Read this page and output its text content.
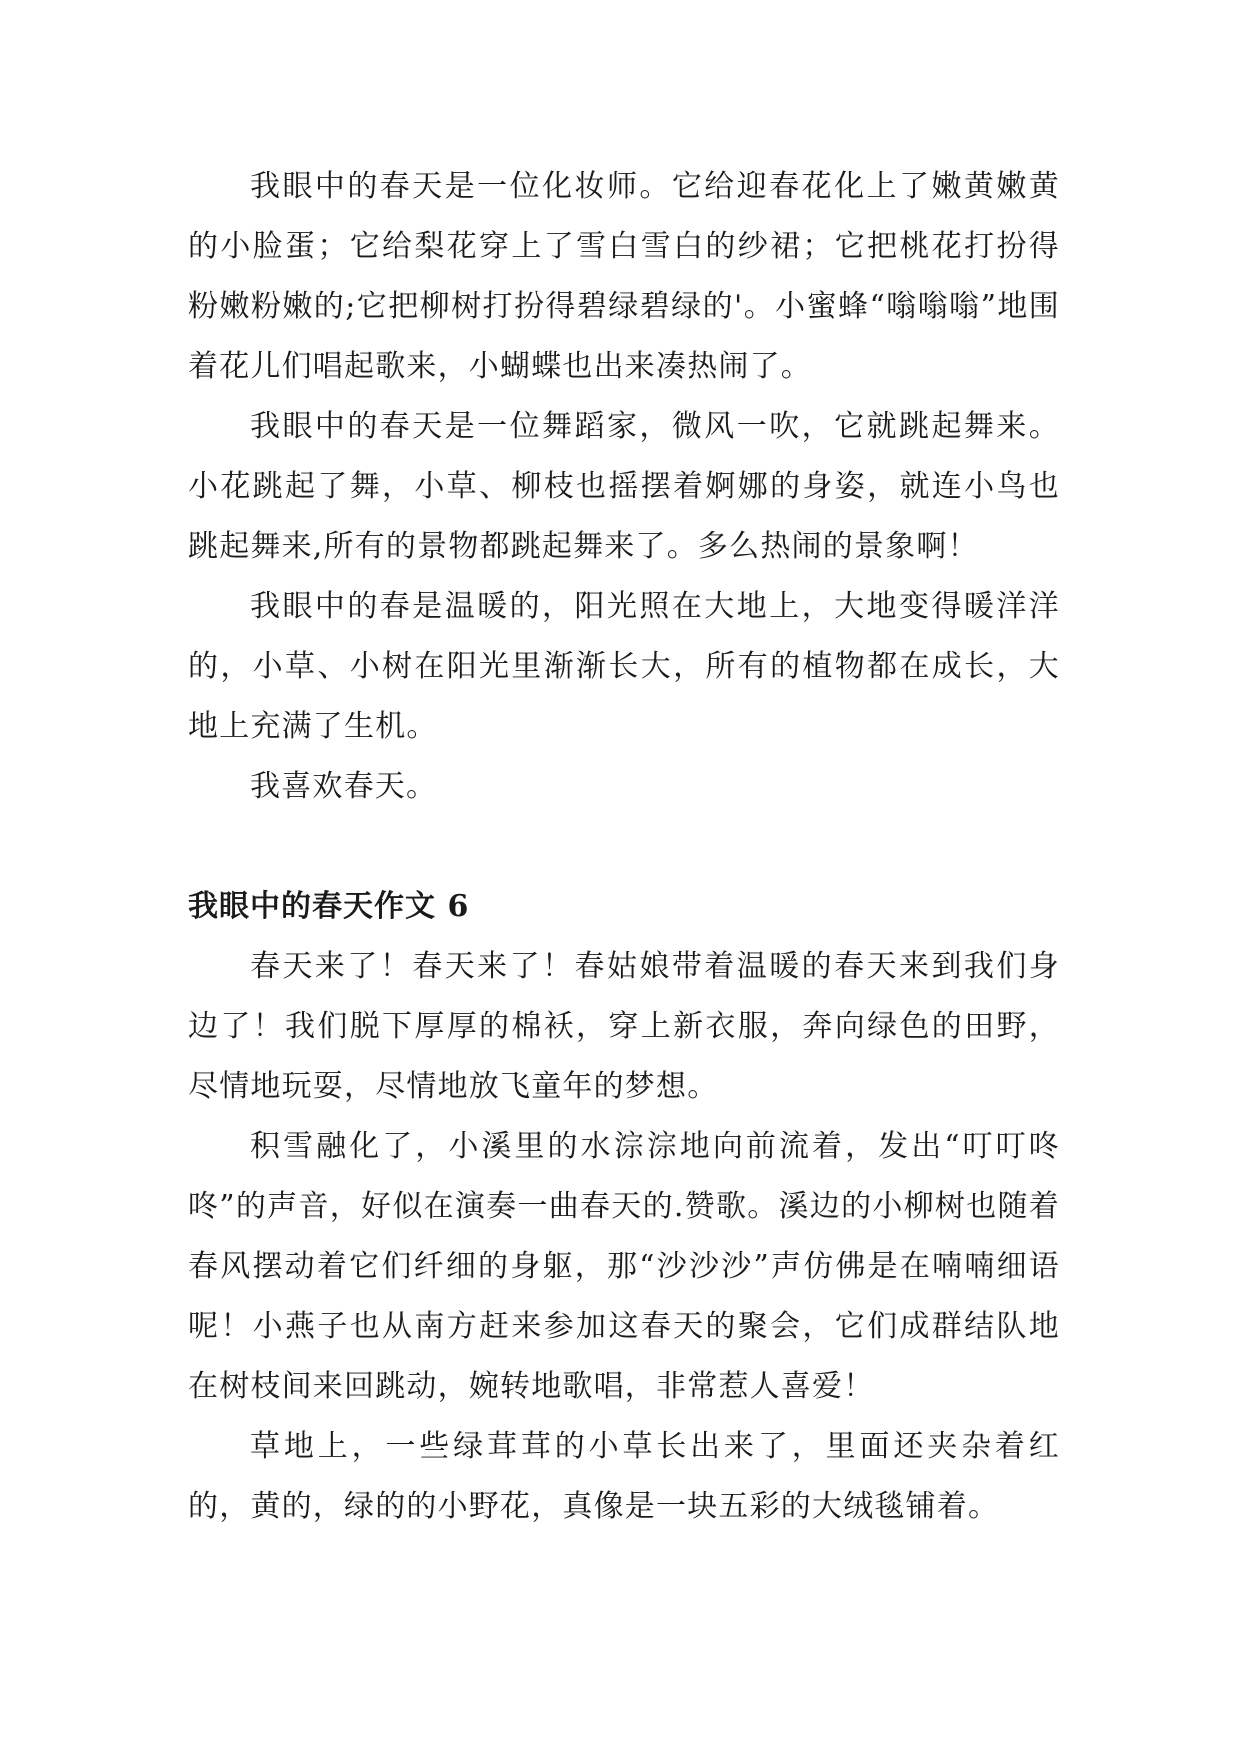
我眼中的春天是一位化妆师。它给迎春花化上了嫩黄嫩黄的小脸蛋；它给梨花穿上了雪白雪白的纱裙；它把桃花打扮得粉嫩粉嫩的;它把柳树打扮得碧绿碧绿的'。小蜜蜂“嗡嗡嗡”地围着花儿们唱起歌来，小蝴蝶也出来凑热闹了。

我眼中的春天是一位舞蹈家，微风一吹，它就跳起舞来。小花跳起了舞，小草、柳枝也摇摆着婀娜的身姿，就连小鸟也跳起舞来,所有的景物都跳起舞来了。多么热闹的景象啊！

我眼中的春是温暖的，阳光照在大地上，大地变得暖洋洋的，小草、小树在阳光里渐渐长大，所有的植物都在成长，大地上充满了生机。

我喜欢春天。

我眼中的春天作文 6

春天来了！春天来了！春姑娘带着温暖的春天来到我们身边了！我们脱下厚厚的棉袄，穿上新衣服，奔向绿色的田野，尽情地玩耍，尽情地放飞童年的梦想。

积雪融化了，小溪里的水淙淙地向前流着，发出“叮叮咚咚”的声音，好似在演奏一曲春天的.赞歌。溪边的小柳树也随着春风摆动着它们纤细的身躯，那“沙沙沙”声仿佛是在喃喃细语呢！小燕子也从南方赶来参加这春天的聚会，它们成群结队地在树枝间来回跳动，婉转地歌唱，非常惹人喜爱！

草地上，一些绿茸茸的小草长出来了，里面还夹杂着红的，黄的，绿的的小野花，真像是一块五彩的大绒毯铺着。
